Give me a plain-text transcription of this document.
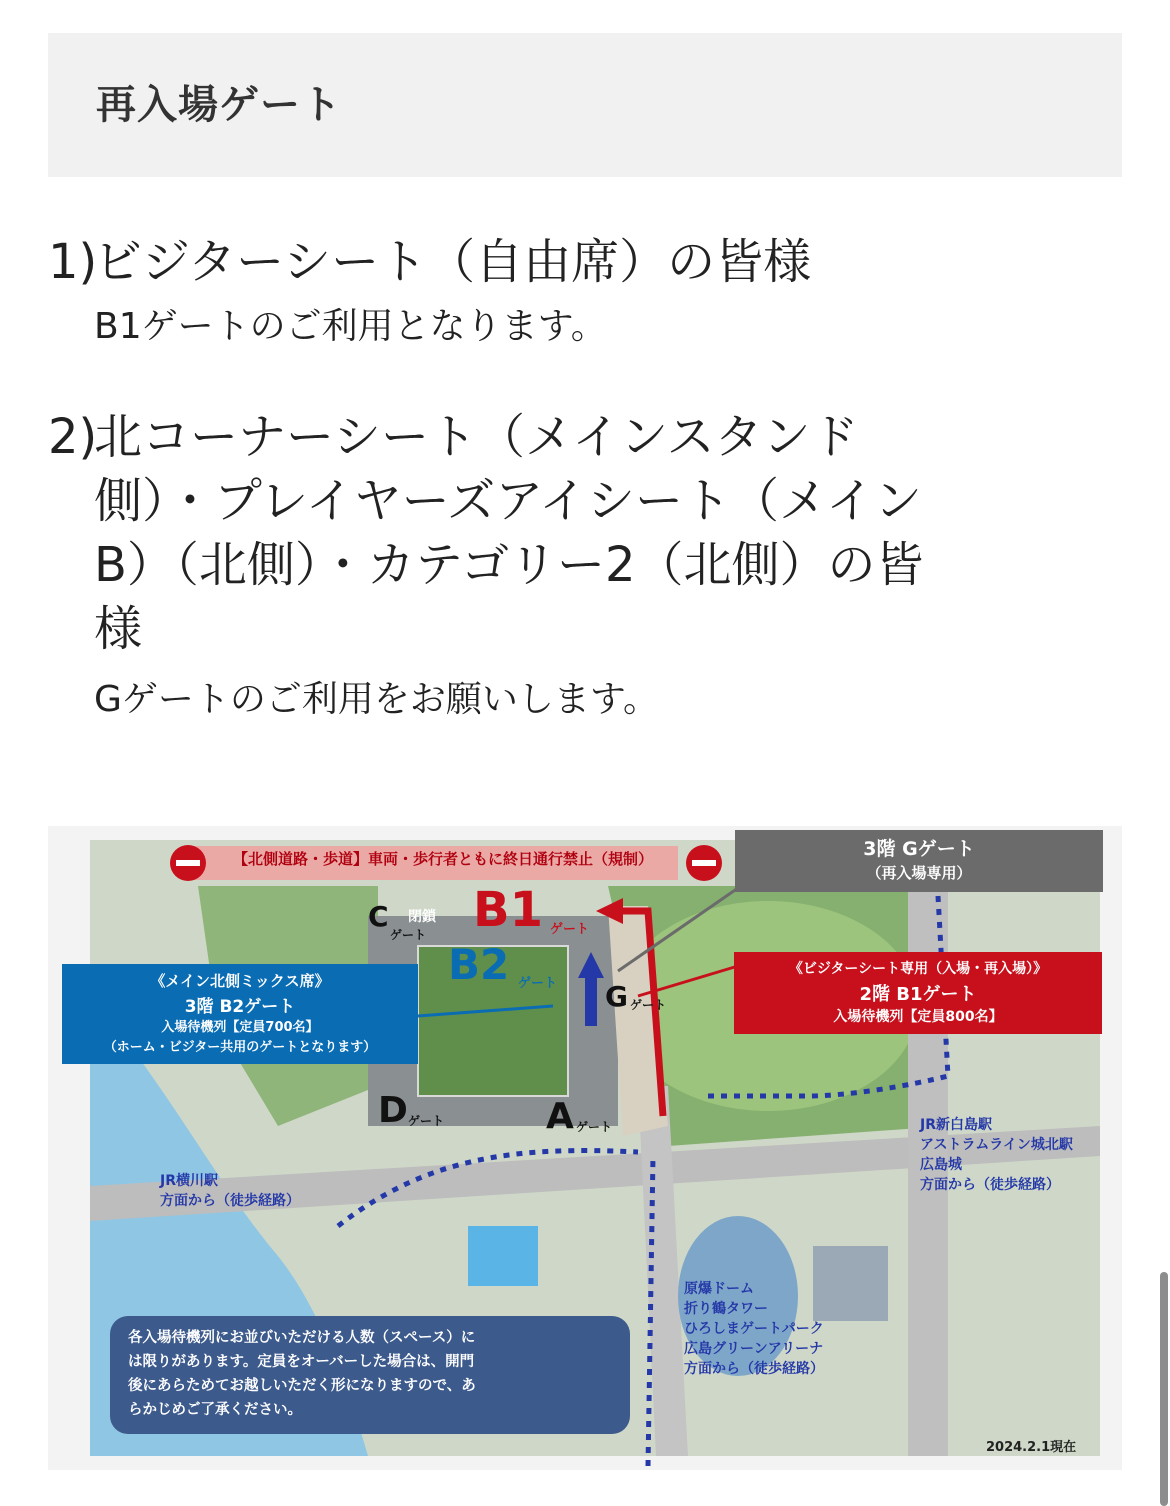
再入場ゲート
1)ビジターシート（自由席）の皆様

B1ゲートのご利用となります。

2)北コーナーシート（メインスタンド
側）・プレイヤーズアイシート（メイン
B）（北側）・カテゴリー2（北側）の皆
様

Gゲートのご利用をお願いします。

【北側道路・歩道】車両・歩行者ともに終日通行禁止（規制）	3階 Gゲート
（再入場専用）
《メイン北側ミックス席》
3階 B2ゲート
入場待機列【定員700名】
（ホーム・ビジター共用のゲートとなります）
《ビジターシート専用（入場・再入場）》
2階 B1ゲート
入場待機列【定員800名】
B1 ゲート
B2 ゲート
C
ゲート
閉鎖
G ゲート
D ゲート	A ゲート
JR横川駅
方面から（徒歩経路）
JR新白島駅
アストラムライン城北駅
広島城
方面から（徒歩経路）
原爆ドーム
折り鶴タワー
ひろしまゲートパーク
広島グリーンアリーナ
方面から（徒歩経路）
各入場待機列にお並びいただける人数（スペース）に
は限りがあります。定員をオーバーした場合は、開門
後にあらためてお越しいただく形になりますので、あ
らかじめご了承ください。
2024.2.1現在
